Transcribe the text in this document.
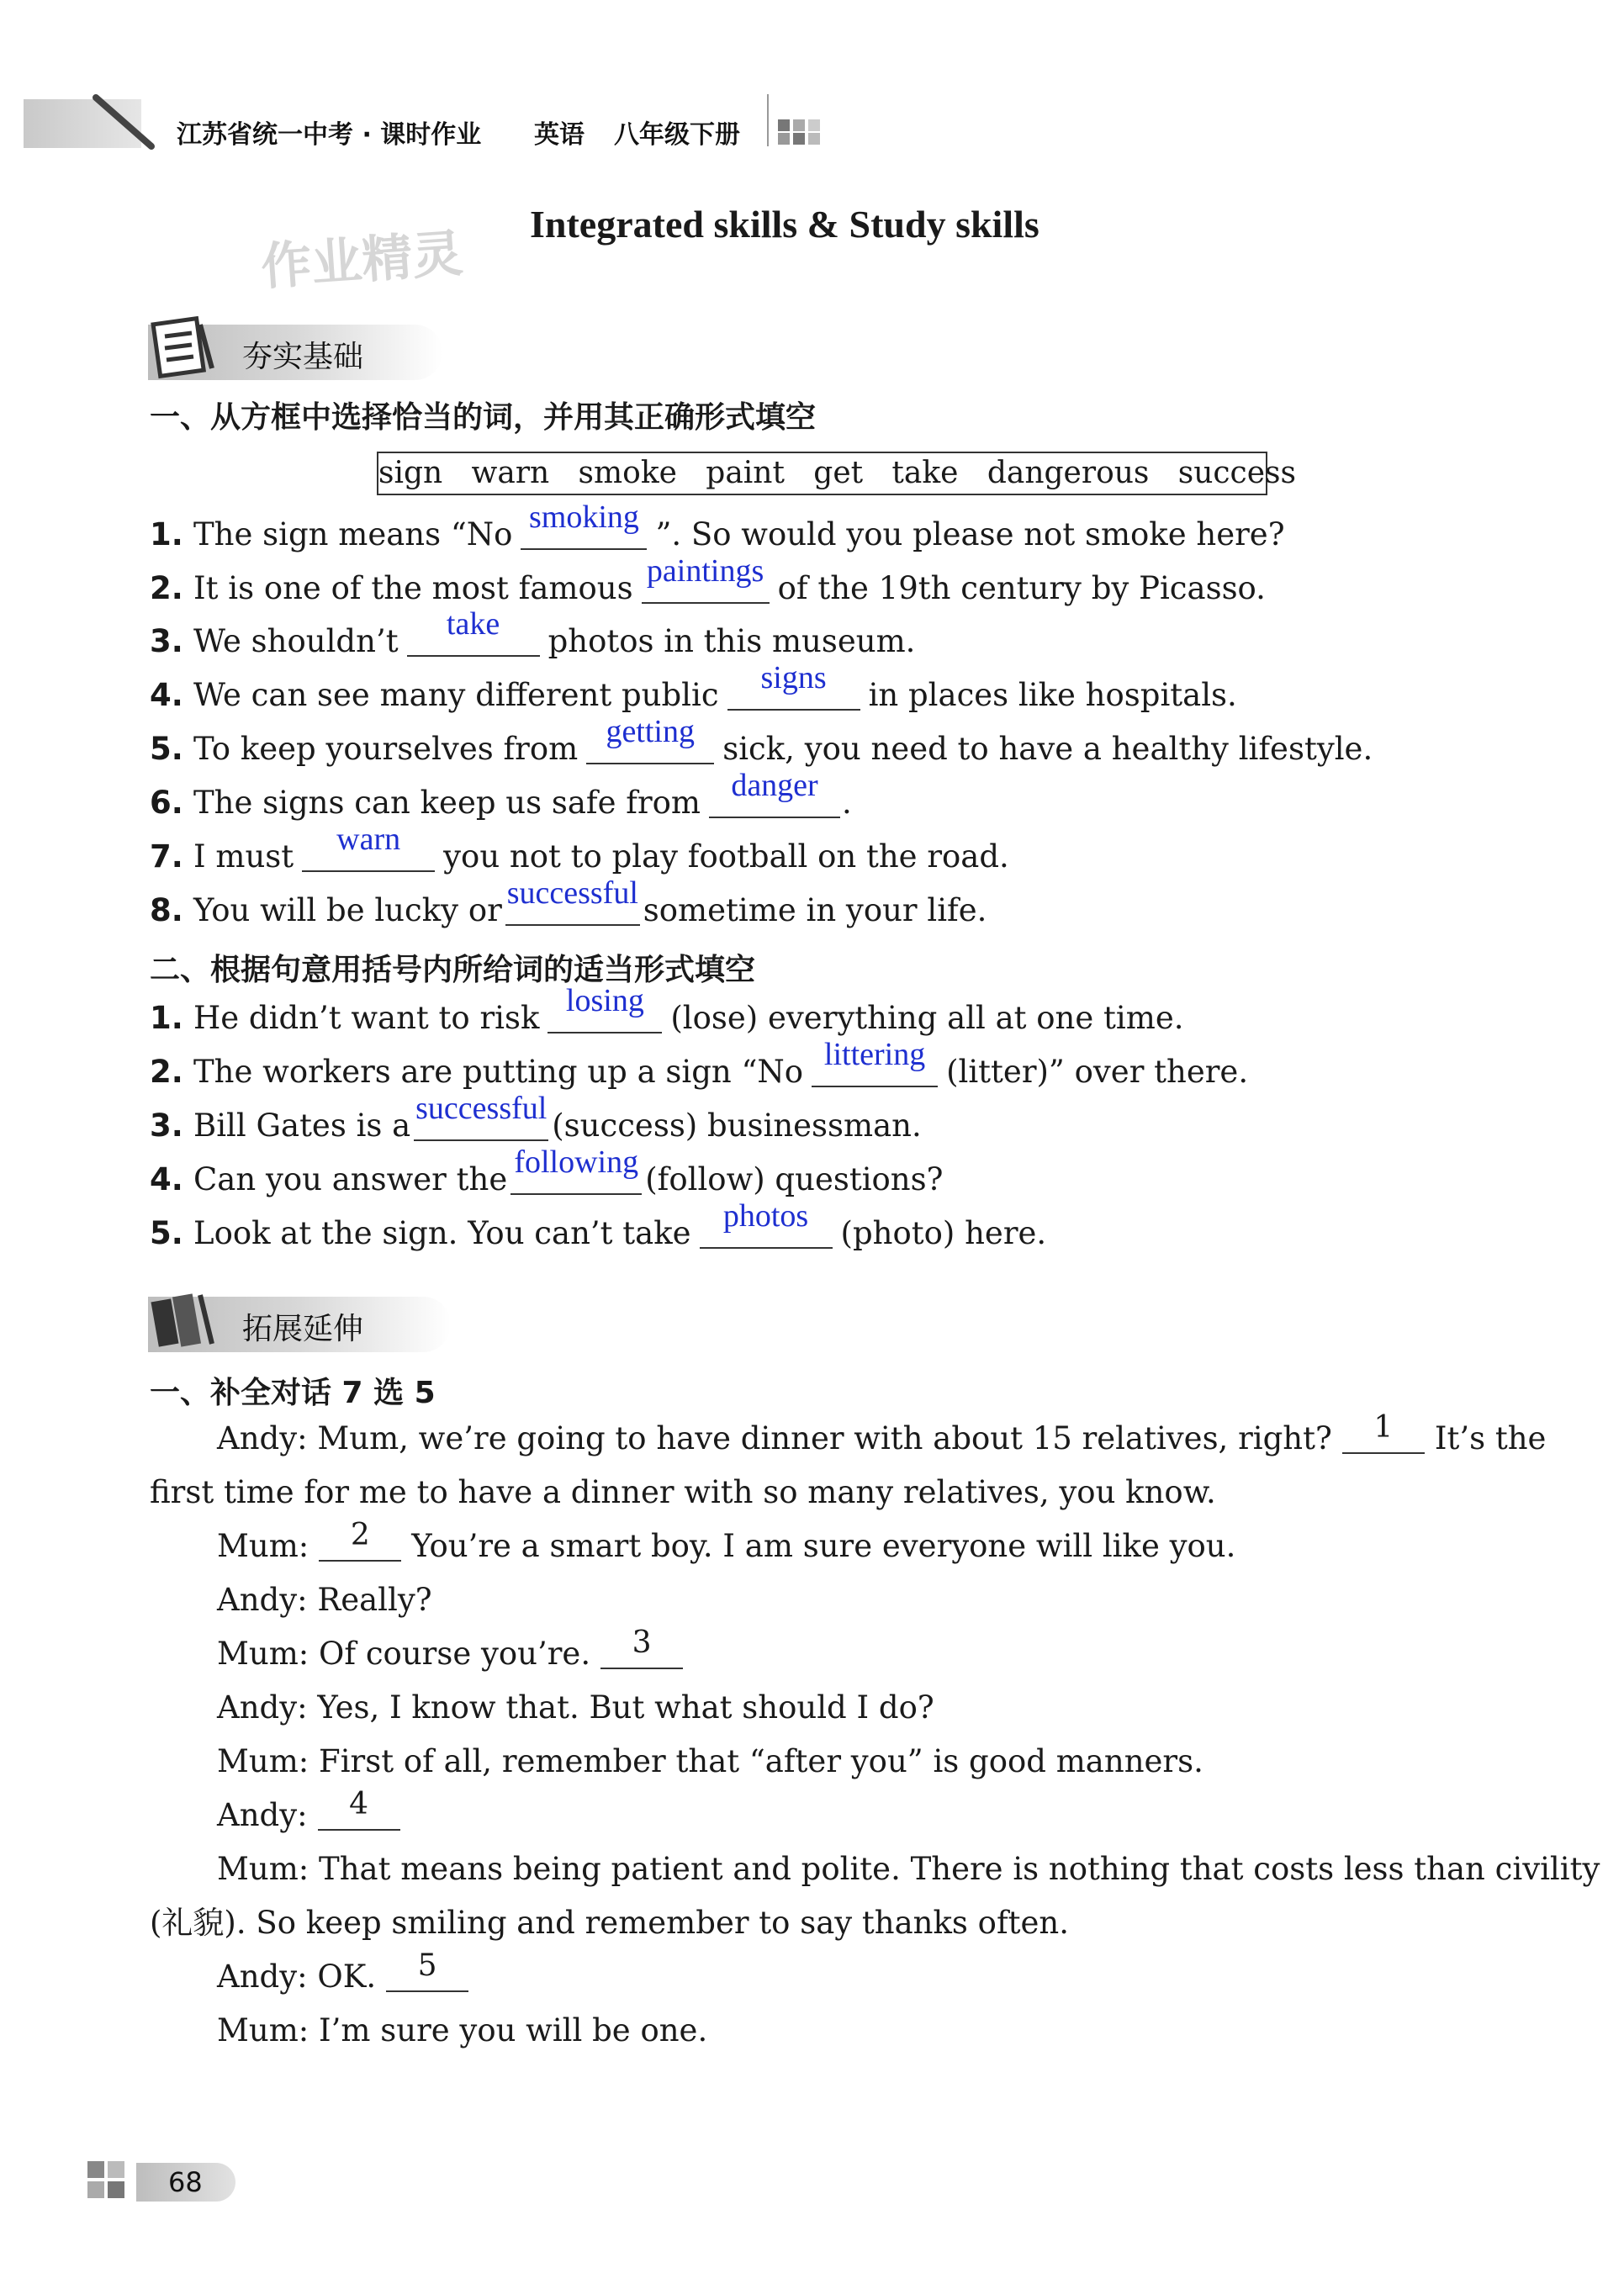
江苏省统一中考 · 课时作业 英语 八年级下册
作业精灵
Integrated skills & Study skills
夯实基础
一、从方框中选择恰当的词，并用其正确形式填空
sign   warn   smoke   paint   get   take   dangerous   success
1. The sign means “No smoking ”. So would you please not smoke here?
2. It is one of the most famous paintings of the 19th century by Picasso.
3. We shouldn’t	take	photos in this museum.
4. We can see many different public	signs	in places like hospitals.
5. To keep yourselves from getting sick, you need to have a healthy lifestyle.
6. The signs can keep us safe from danger .
7. I must	warn	you not to play football on the road.
8. You will be lucky or successful sometime in your life.
二、根据句意用括号内所给词的适当形式填空
1. He didn’t want to risk losing (lose) everything all at one time.
2. The workers are putting up a sign “No littering (litter)” over there.
3. Bill Gates is a successful (success) businessman.
4. Can you answer the following (follow) questions?
5. Look at the sign. You can’t take	photos	(photo) here.
拓展延伸
一、补全对话 7 选 5
Andy: Mum, we’re going to have dinner with about 15 relatives, right?	1	It’s the
first time for me to have a dinner with so many relatives, you know.
Mum:	2	You’re a smart boy. I am sure everyone will like you.
Andy: Really?
Mum: Of course you’re.	3
Andy: Yes, I know that. But what should I do?
Mum: First of all, remember that “after you” is good manners.
Andy:	4
Mum: That means being patient and polite. There is nothing that costs less than civility
(礼貌). So keep smiling and remember to say thanks often.
Andy: OK.	5
Mum: I’m sure you will be one.
68
